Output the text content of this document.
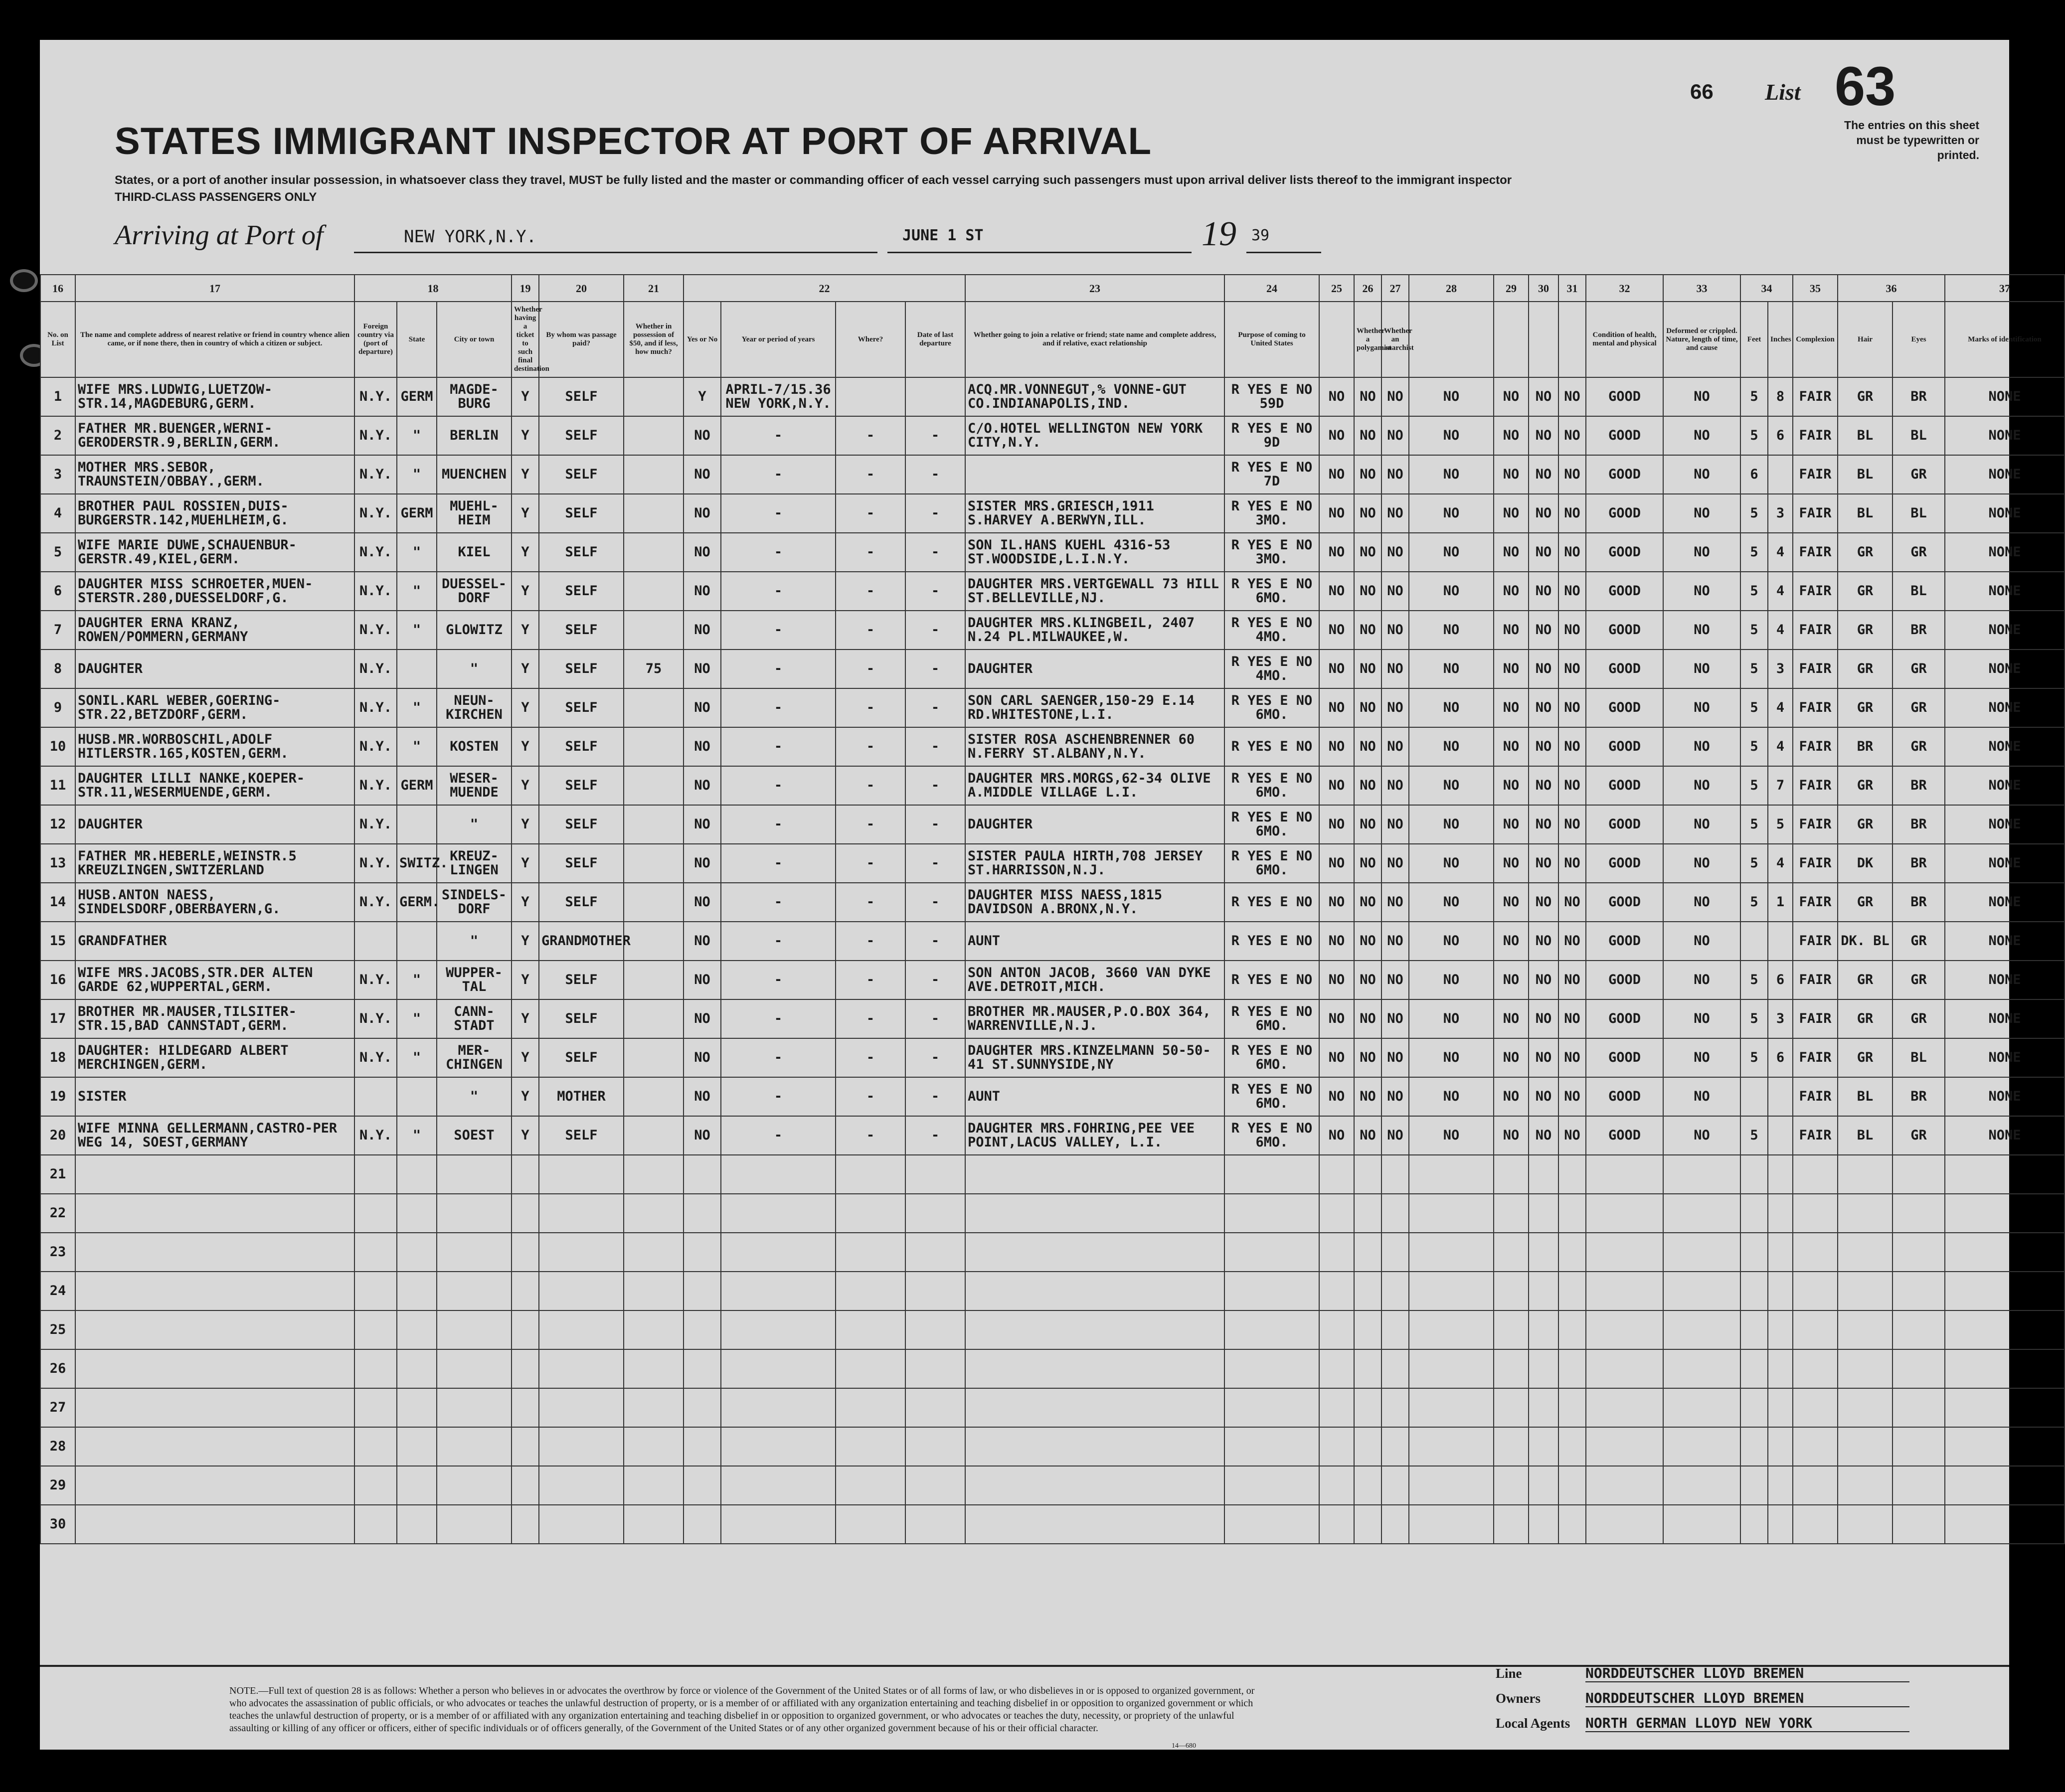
STATES IMMIGRANT INSPECTOR AT PORT OF ARRIVAL
States, or a port of another insular possession, in whatsoever class they travel, MUST be fully listed and the master or commanding officer of each vessel carrying such passengers must upon arrival deliver lists thereof to the immigrant inspector
THIRD-CLASS PASSENGERS ONLY
Arriving at Port of	NEW YORK,N.Y.	JUNE 1 ST	19 39
66 List 63
The entries on this sheet must be typewritten or printed.
16	17	18			19	20	21	22				23	24	25	26	27	28	29	30	31	32	33	34		35	36		37
No. on List	The name and complete address of nearest relative or friend in country whence alien came, or if none there, then in country of which a citizen or subject.	Foreign country via (port of departure)	State	City or town	Whether having a ticket to such final destination	By whom was passage paid?	Whether in possession of $50, and if less, how much?	Yes or No	Year or period of years	Where?	Date of last departure	Whether going to join a relative or friend; state name and complete address, and if relative, exact relationship	Purpose of coming to United States		Whether a polygamist	Whether an anarchist					Condition of health, mental and physical	Deformed or crippled. Nature, length of time, and cause	Feet	Inches	Complexion	Hair	Eyes	Marks of identification
1	WIFE MRS.LUDWIG,LUETZOW-STR.14,MAGDEBURG,GERM.	N.Y.	GERM	MAGDE-BURG	Y	SELF		Y	APRIL-7/15.36 NEW YORK,N.Y.			ACQ.MR.VONNEGUT,% VONNE-GUT CO.INDIANAPOLIS,IND.	R YES E NO 59D	NO	NO	NO	NO	NO	NO	NO	GOOD	NO	5	8	FAIR	GR	BR	NONE
2	FATHER MR.BUENGER,WERNI-GERODERSTR.9,BERLIN,GERM.	N.Y.	"	BERLIN	Y	SELF		NO	-	-	-	C/O.HOTEL WELLINGTON NEW YORK CITY,N.Y.	R YES E NO 9D	NO	NO	NO	NO	NO	NO	NO	GOOD	NO	5	6	FAIR	BL	BL	NONE
3	MOTHER MRS.SEBOR, TRAUNSTEIN/OBBAY.,GERM.	N.Y.	"	MUENCHEN	Y	SELF		NO	-	-	-		R YES E NO 7D	NO	NO	NO	NO	NO	NO	NO	GOOD	NO	6		FAIR	BL	GR	NONE
4	BROTHER PAUL ROSSIEN,DUIS-BURGERSTR.142,MUEHLHEIM,G.	N.Y.	GERM	MUEHL-HEIM	Y	SELF		NO	-	-	-	SISTER MRS.GRIESCH,1911 S.HARVEY A.BERWYN,ILL.	R YES E NO 3MO.	NO	NO	NO	NO	NO	NO	NO	GOOD	NO	5	3	FAIR	BL	BL	NONE
5	WIFE MARIE DUWE,SCHAUENBUR-GERSTR.49,KIEL,GERM.	N.Y.	"	KIEL	Y	SELF		NO	-	-	-	SON IL.HANS KUEHL 4316-53 ST.WOODSIDE,L.I.N.Y.	R YES E NO 3MO.	NO	NO	NO	NO	NO	NO	NO	GOOD	NO	5	4	FAIR	GR	GR	NONE
6	DAUGHTER MISS SCHROETER,MUEN-STERSTR.280,DUESSELDORF,G.	N.Y.	"	DUESSEL-DORF	Y	SELF		NO	-	-	-	DAUGHTER MRS.VERTGEWALL 73 HILL ST.BELLEVILLE,NJ.	R YES E NO 6MO.	NO	NO	NO	NO	NO	NO	NO	GOOD	NO	5	4	FAIR	GR	BL	NONE
7	DAUGHTER ERNA KRANZ, ROWEN/POMMERN,GERMANY	N.Y.	"	GLOWITZ	Y	SELF		NO	-	-	-	DAUGHTER MRS.KLINGBEIL, 2407 N.24 PL.MILWAUKEE,W.	R YES E NO 4MO.	NO	NO	NO	NO	NO	NO	NO	GOOD	NO	5	4	FAIR	GR	BR	NONE
8	DAUGHTER	N.Y.		"	Y	SELF	75	NO	-	-	-	DAUGHTER	R YES E NO 4MO.	NO	NO	NO	NO	NO	NO	NO	GOOD	NO	5	3	FAIR	GR	GR	NONE
9	SONIL.KARL WEBER,GOERING-STR.22,BETZDORF,GERM.	N.Y.	"	NEUN-KIRCHEN	Y	SELF		NO	-	-	-	SON CARL SAENGER,150-29 E.14 RD.WHITESTONE,L.I.	R YES E NO 6MO.	NO	NO	NO	NO	NO	NO	NO	GOOD	NO	5	4	FAIR	GR	GR	NONE
10	HUSB.MR.WORBOSCHIL,ADOLF HITLERSTR.165,KOSTEN,GERM.	N.Y.	"	KOSTEN	Y	SELF		NO	-	-	-	SISTER ROSA ASCHENBRENNER 60 N.FERRY ST.ALBANY,N.Y.	R YES E NO	NO	NO	NO	NO	NO	NO	NO	GOOD	NO	5	4	FAIR	BR	GR	NONE
11	DAUGHTER LILLI NANKE,KOEPER-STR.11,WESERMUENDE,GERM.	N.Y.	GERM	WESER-MUENDE	Y	SELF		NO	-	-	-	DAUGHTER MRS.MORGS,62-34 OLIVE A.MIDDLE VILLAGE L.I.	R YES E NO 6MO.	NO	NO	NO	NO	NO	NO	NO	GOOD	NO	5	7	FAIR	GR	BR	NONE
12	DAUGHTER	N.Y.		"	Y	SELF		NO	-	-	-	DAUGHTER	R YES E NO 6MO.	NO	NO	NO	NO	NO	NO	NO	GOOD	NO	5	5	FAIR	GR	BR	NONE
13	FATHER MR.HEBERLE,WEINSTR.5 KREUZLINGEN,SWITZERLAND	N.Y.	SWITZ.	KREUZ-LINGEN	Y	SELF		NO	-	-	-	SISTER PAULA HIRTH,708 JERSEY ST.HARRISSON,N.J.	R YES E NO 6MO.	NO	NO	NO	NO	NO	NO	NO	GOOD	NO	5	4	FAIR	DK	BR	NONE
14	HUSB.ANTON NAESS, SINDELSDORF,OBERBAYERN,G.	N.Y.	GERM.	SINDELS-DORF	Y	SELF		NO	-	-	-	DAUGHTER MISS NAESS,1815 DAVIDSON A.BRONX,N.Y.	R YES E NO	NO	NO	NO	NO	NO	NO	NO	GOOD	NO	5	1	FAIR	GR	BR	NONE
15	GRANDFATHER			"	Y	GRANDMOTHER		NO	-	-	-	AUNT	R YES E NO	NO	NO	NO	NO	NO	NO	NO	GOOD	NO			FAIR	DK. BL	GR	NONE
16	WIFE MRS.JACOBS,STR.DER ALTEN GARDE 62,WUPPERTAL,GERM.	N.Y.	"	WUPPER-TAL	Y	SELF		NO	-	-	-	SON ANTON JACOB, 3660 VAN DYKE AVE.DETROIT,MICH.	R YES E NO	NO	NO	NO	NO	NO	NO	NO	GOOD	NO	5	6	FAIR	GR	GR	NONE
17	BROTHER MR.MAUSER,TILSITER-STR.15,BAD CANNSTADT,GERM.	N.Y.	"	CANN-STADT	Y	SELF		NO	-	-	-	BROTHER MR.MAUSER,P.O.BOX 364, WARRENVILLE,N.J.	R YES E NO 6MO.	NO	NO	NO	NO	NO	NO	NO	GOOD	NO	5	3	FAIR	GR	GR	NONE
18	DAUGHTER: HILDEGARD ALBERT MERCHINGEN,GERM.	N.Y.	"	MER-CHINGEN	Y	SELF		NO	-	-	-	DAUGHTER MRS.KINZELMANN 50-50-41 ST.SUNNYSIDE,NY	R YES E NO 6MO.	NO	NO	NO	NO	NO	NO	NO	GOOD	NO	5	6	FAIR	GR	BL	NONE
19	SISTER			"	Y	MOTHER		NO	-	-	-	AUNT	R YES E NO 6MO.	NO	NO	NO	NO	NO	NO	NO	GOOD	NO			FAIR	BL	BR	NONE
20	WIFE MINNA GELLERMANN,CASTRO-PER WEG 14, SOEST,GERMANY	N.Y.	"	SOEST	Y	SELF		NO	-	-	-	DAUGHTER MRS.FOHRING,PEE VEE POINT,LACUS VALLEY, L.I.	R YES E NO 6MO.	NO	NO	NO	NO	NO	NO	NO	GOOD	NO	5		FAIR	BL	GR	NONE
21																												
22																												
23																												
24																												
25																												
26																												
27																												
28																												
29																												
30																												
NOTE.—Full text of question 28 is as follows: Whether a person who believes in or advocates the overthrow by force or violence of the Government of the United States or of all forms of law, or who disbelieves in or is opposed to organized government, or who advocates the assassination of public officials, or who advocates or teaches the unlawful destruction of property, or is a member of or affiliated with any organization entertaining and teaching disbelief in or opposition to organized government or which teaches the unlawful destruction of property, or is a member of or affiliated with any organization entertaining and teaching disbelief in or opposition to organized government, or who advocates or teaches the duty, necessity, or propriety of the unlawful assaulting or killing of any officer or officers, either of specific individuals or of officers generally, of the Government of the United States or of any other organized government because of his or their official character.
14—680
Line	NORDDEUTSCHER LLOYD BREMEN
Owners	NORDDEUTSCHER LLOYD BREMEN
Local Agents NORTH GERMAN LLOYD NEW YORK
